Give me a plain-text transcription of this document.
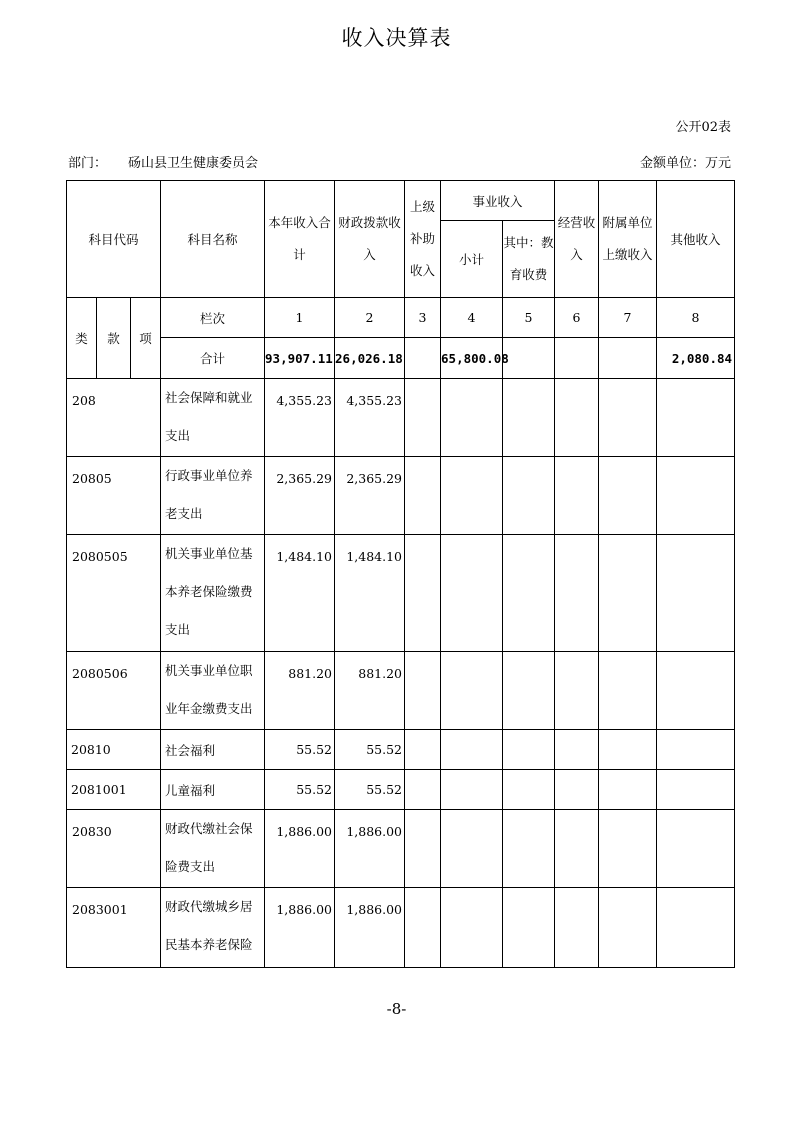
收入决算表
公开02表
部门： 砀山县卫生健康委员会	金额单位：万元
科目代码			科目名称	本年收入合计	财政拨款收入	上级补助收入	事业收入		经营收入	附属单位上缴收入	其他收入
							小计	其中：教育收费			
类	款	项	栏次	1	2	3	4	5	6	7	8
			合计	93,907.11	26,026.18		65,800.08				2,080.84
208			社会保障和就业支出	4,355.23	4,355.23						
20805			行政事业单位养老支出	2,365.29	2,365.29						
2080505			机关事业单位基本养老保险缴费支出	1,484.10	1,484.10						
2080506			机关事业单位职业年金缴费支出	881.20	881.20						
20810			社会福利	55.52	55.52						
2081001			儿童福利	55.52	55.52						
20830			财政代缴社会保险费支出	1,886.00	1,886.00						
2083001			财政代缴城乡居民基本养老保险	1,886.00	1,886.00						
-8-
